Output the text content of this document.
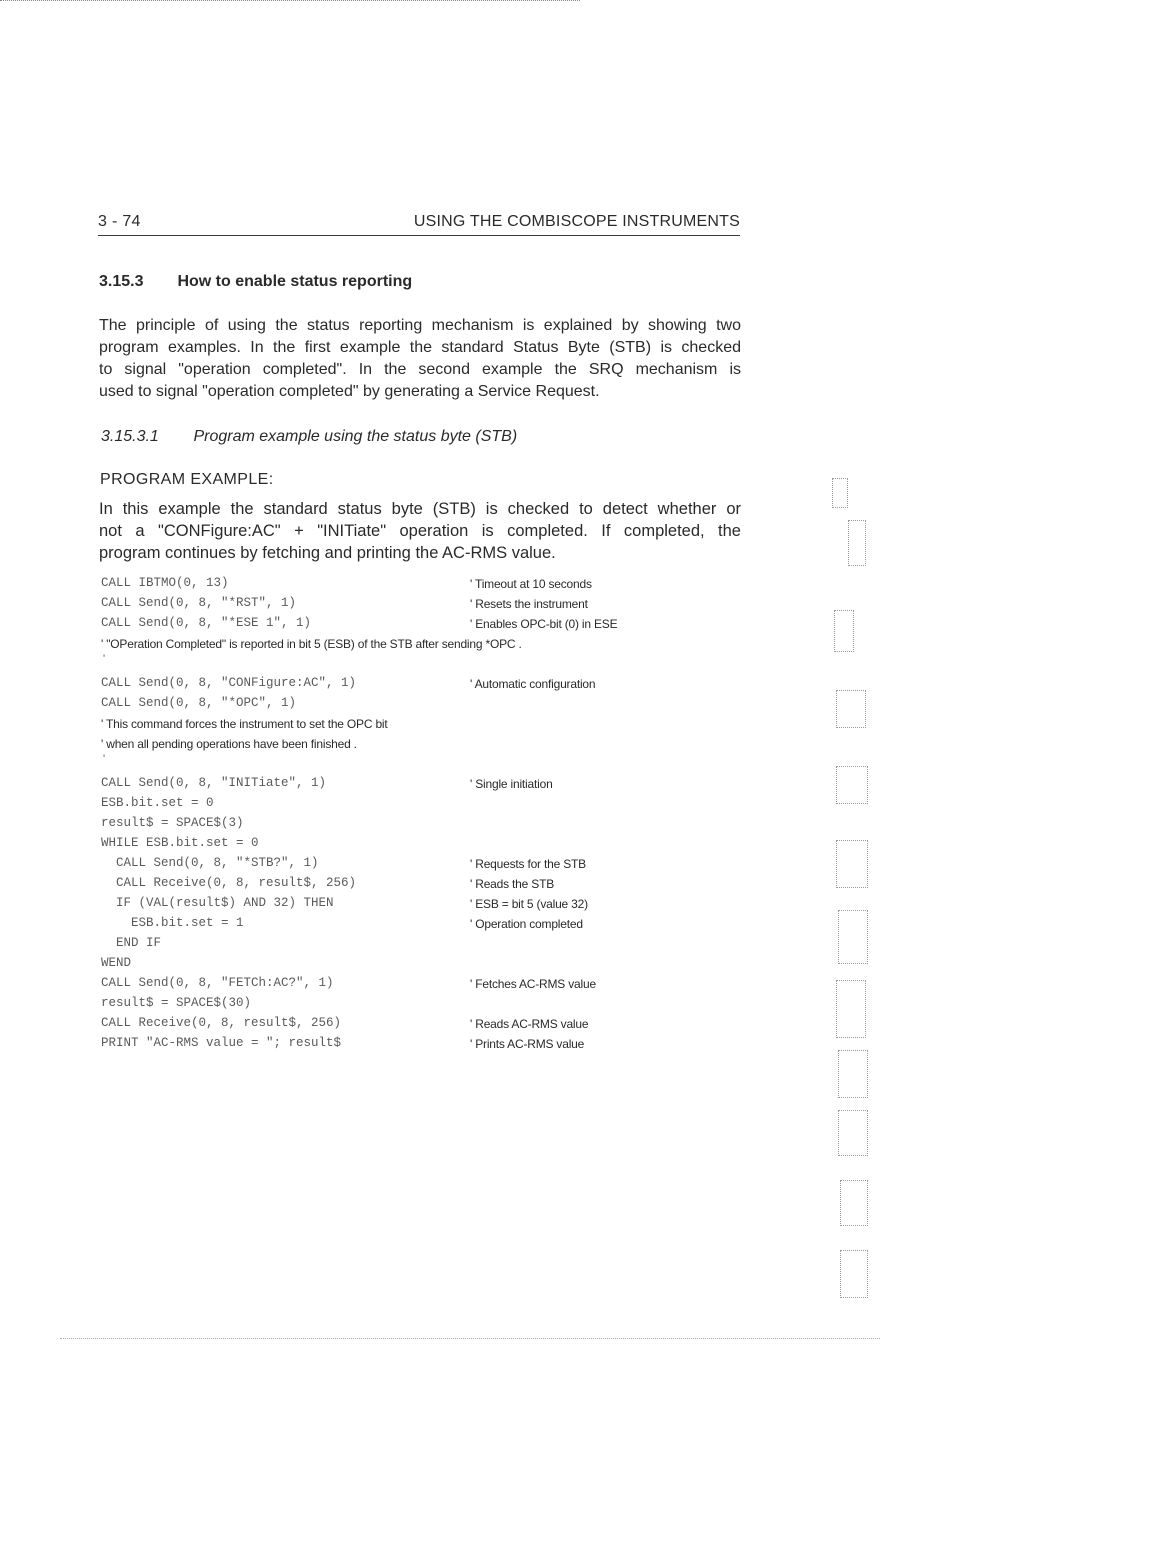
3 - 74	USING THE COMBISCOPE INSTRUMENTS
3.15.3 How to enable status reporting
The principle of using the status reporting mechanism is explained by showing two
program examples. In the first example the standard Status Byte (STB) is checked
to signal "operation completed". In the second example the SRQ mechanism is
used to signal "operation completed" by generating a Service Request.
3.15.3.1 Program example using the status byte (STB)
PROGRAM EXAMPLE:
In this example the standard status byte (STB) is checked to detect whether or
not a "CONFigure:AC" + "INITiate" operation is completed. If completed, the
program continues by fetching and printing the AC-RMS value.
CALL IBTMO(0, 13)	' Timeout at 10 seconds
CALL Send(0, 8, "*RST", 1)	' Resets the instrument
CALL Send(0, 8, "*ESE 1", 1)	' Enables OPC-bit (0) in ESE
' "OPeration Completed" is reported in bit 5 (ESB) of the STB after sending *OPC .
'
CALL Send(0, 8, "CONFigure:AC", 1)	' Automatic configuration
CALL Send(0, 8, "*OPC", 1)
' This command forces the instrument to set the OPC bit
' when all pending operations have been finished .
'
CALL Send(0, 8, "INITiate", 1)	' Single initiation
ESB.bit.set = 0
result$ = SPACE$(3)
WHILE ESB.bit.set = 0
CALL Send(0, 8, "*STB?", 1)	' Requests for the STB
CALL Receive(0, 8, result$, 256)	' Reads the STB
IF (VAL(result$) AND 32) THEN	' ESB = bit 5 (value 32)
ESB.bit.set = 1	' Operation completed
END IF
WEND
CALL Send(0, 8, "FETCh:AC?", 1)	' Fetches AC-RMS value
result$ = SPACE$(30)
CALL Receive(0, 8, result$, 256)	' Reads AC-RMS value
PRINT "AC-RMS value = "; result$	' Prints AC-RMS value
